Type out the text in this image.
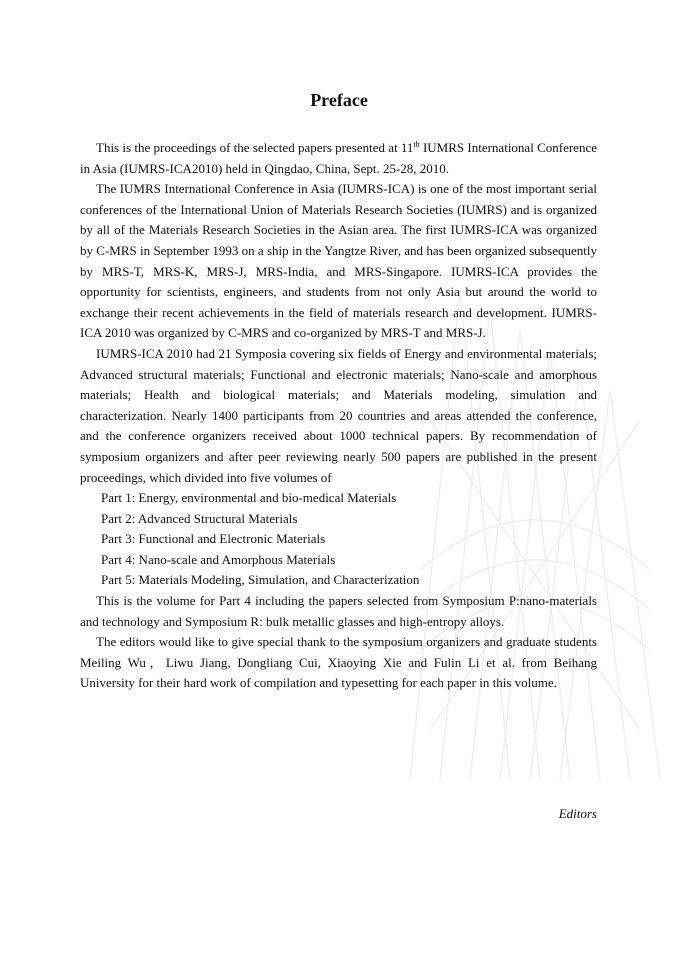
Preface

This is the proceedings of the selected papers presented at 11th IUMRS International Conference in Asia (IUMRS-ICA2010) held in Qingdao, China, Sept. 25-28, 2010.

The IUMRS International Conference in Asia (IUMRS-ICA) is one of the most important serial conferences of the International Union of Materials Research Societies (IUMRS) and is organized by all of the Materials Research Societies in the Asian area. The first IUMRS-ICA was organized by C-MRS in September 1993 on a ship in the Yangtze River, and has been organized subsequently by MRS-T, MRS-K, MRS-J, MRS-India, and MRS-Singapore. IUMRS-ICA provides the opportunity for scientists, engineers, and students from not only Asia but around the world to exchange their recent achievements in the field of materials research and development. IUMRS-ICA 2010 was organized by C-MRS and co-organized by MRS-T and MRS-J.

IUMRS-ICA 2010 had 21 Symposia covering six fields of Energy and environmental materials; Advanced structural materials; Functional and electronic materials; Nano-scale and amorphous materials; Health and biological materials; and Materials modeling, simulation and characterization. Nearly 1400 participants from 20 countries and areas attended the conference, and the conference organizers received about 1000 technical papers. By recommendation of symposium organizers and after peer reviewing nearly 500 papers are published in the present proceedings, which divided into five volumes of

Part 1: Energy, environmental and bio-medical Materials
Part 2: Advanced Structural Materials
Part 3: Functional and Electronic Materials
Part 4: Nano-scale and Amorphous Materials
Part 5: Materials Modeling, Simulation, and Characterization

This is the volume for Part 4 including the papers selected from Symposium P:nano-materials and technology and Symposium R: bulk metallic glasses and high-entropy alloys.

The editors would like to give special thank to the symposium organizers and graduate students Meiling Wu，Liwu Jiang, Dongliang Cui, Xiaoying Xie and Fulin Li et al. from Beihang University for their hard work of compilation and typesetting for each paper in this volume.

Editors
